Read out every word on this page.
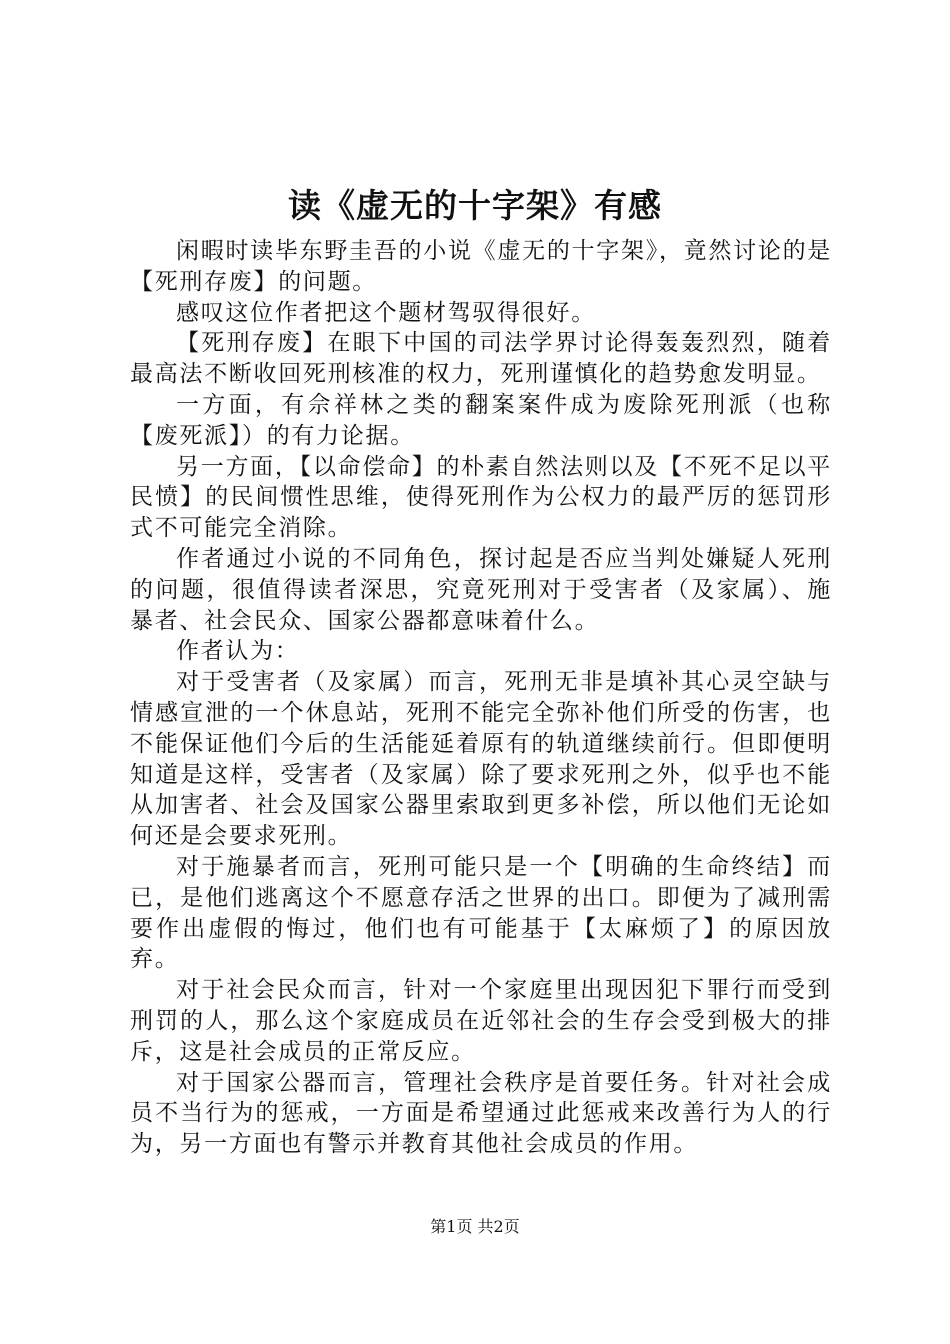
读《虚无的十字架》有感

闲暇时读毕东野圭吾的小说《虚无的十字架》，竟然讨论的是【死刑存废】的问题。

感叹这位作者把这个题材驾驭得很好。

【死刑存废】在眼下中国的司法学界讨论得轰轰烈烈，随着最高法不断收回死刑核准的权力，死刑谨慎化的趋势愈发明显。

一方面，有佘祥林之类的翻案案件成为废除死刑派（也称【废死派】）的有力论据。

另一方面，【以命偿命】的朴素自然法则以及【不死不足以平民愤】的民间惯性思维，使得死刑作为公权力的最严厉的惩罚形式不可能完全消除。

作者通过小说的不同角色，探讨起是否应当判处嫌疑人死刑的问题，很值得读者深思，究竟死刑对于受害者（及家属）、施暴者、社会民众、国家公器都意味着什么。

作者认为：

对于受害者（及家属）而言，死刑无非是填补其心灵空缺与情感宣泄的一个休息站，死刑不能完全弥补他们所受的伤害，也不能保证他们今后的生活能延着原有的轨道继续前行。但即便明知道是这样，受害者（及家属）除了要求死刑之外，似乎也不能从加害者、社会及国家公器里索取到更多补偿，所以他们无论如何还是会要求死刑。

对于施暴者而言，死刑可能只是一个【明确的生命终结】而已，是他们逃离这个不愿意存活之世界的出口。即便为了减刑需要作出虚假的悔过，他们也有可能基于【太麻烦了】的原因放弃。

对于社会民众而言，针对一个家庭里出现因犯下罪行而受到刑罚的人，那么这个家庭成员在近邻社会的生存会受到极大的排斥，这是社会成员的正常反应。

对于国家公器而言，管理社会秩序是首要任务。针对社会成员不当行为的惩戒，一方面是希望通过此惩戒来改善行为人的行为，另一方面也有警示并教育其他社会成员的作用。

第1页 共2页
